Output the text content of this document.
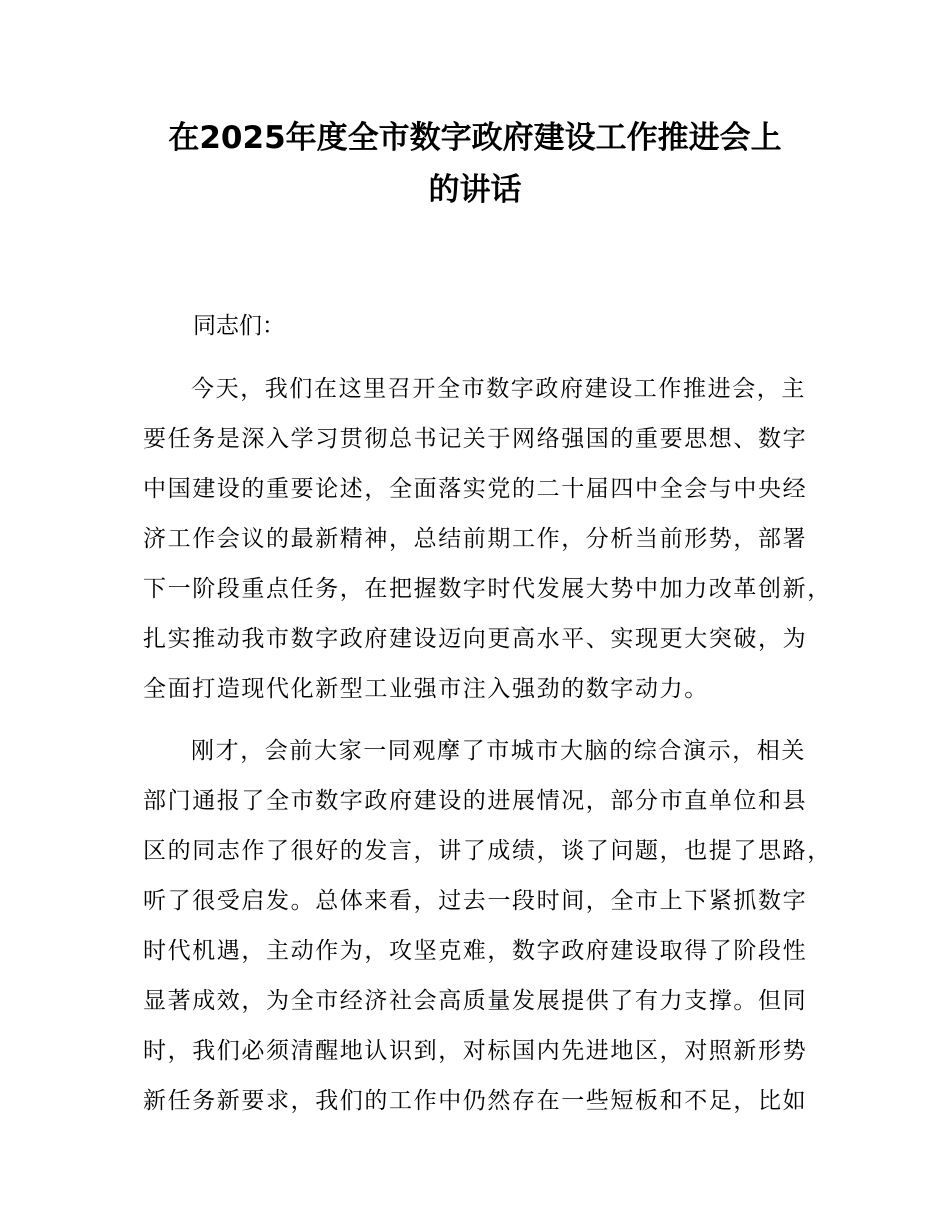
在2025年度全市数字政府建设工作推进会上
的讲话
同志们：
今天，我们在这里召开全市数字政府建设工作推进会，主
要任务是深入学习贯彻总书记关于网络强国的重要思想、数字
中国建设的重要论述，全面落实党的二十届四中全会与中央经
济工作会议的最新精神，总结前期工作，分析当前形势，部署
下一阶段重点任务，在把握数字时代发展大势中加力改革创新，
扎实推动我市数字政府建设迈向更高水平、实现更大突破，为
全面打造现代化新型工业强市注入强劲的数字动力。
刚才，会前大家一同观摩了市城市大脑的综合演示，相关
部门通报了全市数字政府建设的进展情况，部分市直单位和县
区的同志作了很好的发言，讲了成绩，谈了问题，也提了思路，
听了很受启发。总体来看，过去一段时间，全市上下紧抓数字
时代机遇，主动作为，攻坚克难，数字政府建设取得了阶段性
显著成效，为全市经济社会高质量发展提供了有力支撑。但同
时，我们必须清醒地认识到，对标国内先进地区，对照新形势
新任务新要求，我们的工作中仍然存在一些短板和不足，比如
